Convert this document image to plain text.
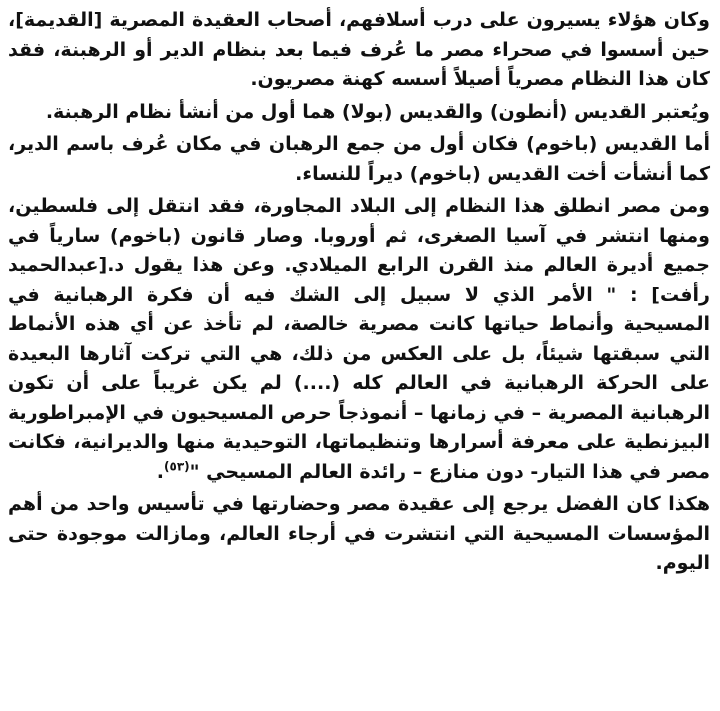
وكان هؤلاء يسيرون على درب أسلافهم، أصحاب العقيدة المصرية [القديمة]، حين أسسوا في صحراء مصر ما عُرف فيما بعد بنظام الدير أو الرهبنة، فقد كان هذا النظام مصرياً أصيلاً أسسه كهنة مصريون.

ويُعتبر القديس (أنطون) والقديس (بولا) هما أول من أنشأ نظام الرهبنة.

أما القديس (باخوم) فكان أول من جمع الرهبان في مكان عُرف باسم الدير، كما أنشأت أخت القديس (باخوم) ديراً للنساء.

ومن مصر انطلق هذا النظام إلى البلاد المجاورة، فقد انتقل إلى فلسطين، ومنها انتشر في آسيا الصغرى، ثم أوروبا. وصار قانون (باخوم) سارياً في جميع أديرة العالم منذ القرن الرابع الميلادي. وعن هذا يقول د.[عبدالحميد رأفت] : " الأمر الذي لا سبيل إلى الشك فيه أن فكرة الرهبانية في المسيحية وأنماط حياتها كانت مصرية خالصة، لم تأخذ عن أي هذه الأنماط التي سبقتها شيئاً، بل على العكس من ذلك، هي التي تركت آثارها البعيدة على الحركة الرهبانية في العالم كله (....) لم يكن غريباً على أن تكون الرهبانية المصرية – في زمانها – أنموذجاً حرص المسيحيون في الإمبراطورية البيزنطية على معرفة أسرارها وتنظيماتها، التوحيدية منها والديرانية، فكانت مصر في هذا التيار- دون منازع – رائدة العالم المسيحي "$^{(٥٣)}$.

هكذا كان الفضل يرجع إلى عقيدة مصر وحضارتها في تأسيس واحد من أهم المؤسسات المسيحية التي انتشرت في أرجاء العالم، ومازالت موجودة حتى اليوم.
